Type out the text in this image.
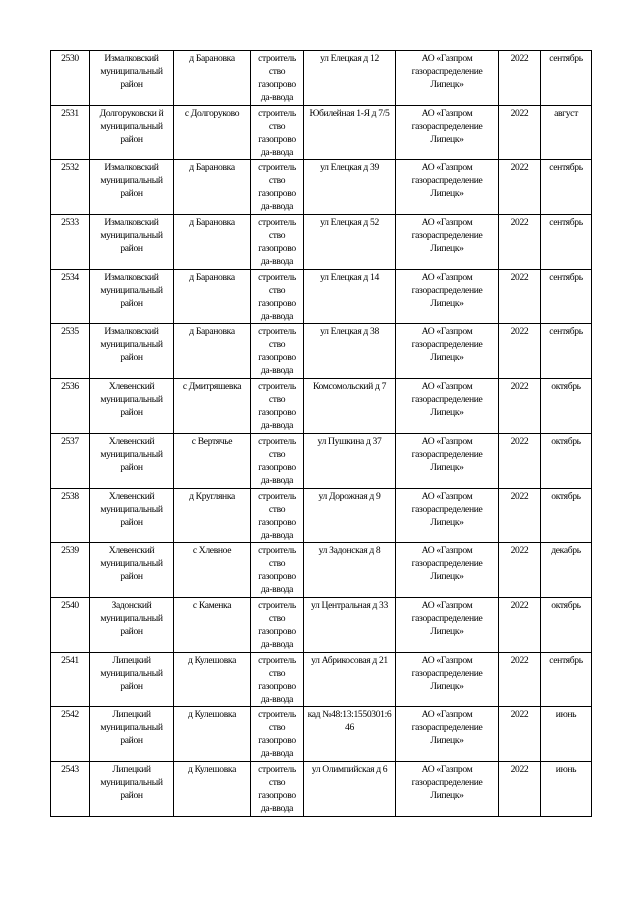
2530	Измалковский муниципальный район	д Барановка	строитель ство газопрово да-ввода	ул Елецкая д 12	АО «Газпром газораспределение Липецк»	2022	сентябрь
2531	Долгоруковски й муниципальный район	с Долгоруково	строитель ство газопрово да-ввода	Юбилейная 1-Я д 7/5	АО «Газпром газораспределение Липецк»	2022	август
2532	Измалковский муниципальный район	д Барановка	строитель ство газопрово да-ввода	ул Елецкая д 39	АО «Газпром газораспределение Липецк»	2022	сентябрь
2533	Измалковский муниципальный район	д Барановка	строитель ство газопрово да-ввода	ул Елецкая д 52	АО «Газпром газораспределение Липецк»	2022	сентябрь
2534	Измалковский муниципальный район	д Барановка	строитель ство газопрово да-ввода	ул Елецкая д 14	АО «Газпром газораспределение Липецк»	2022	сентябрь
2535	Измалковский муниципальный район	д Барановка	строитель ство газопрово да-ввода	ул Елецкая д 38	АО «Газпром газораспределение Липецк»	2022	сентябрь
2536	Хлевенский муниципальный район	с Дмитряшевка	строитель ство газопрово да-ввода	Комсомольский д 7	АО «Газпром газораспределение Липецк»	2022	октябрь
2537	Хлевенский муниципальный район	с Вертячье	строитель ство газопрово да-ввода	ул Пушкина д 37	АО «Газпром газораспределение Липецк»	2022	октябрь
2538	Хлевенский муниципальный район	д Круглянка	строитель ство газопрово да-ввода	ул Дорожная д 9	АО «Газпром газораспределение Липецк»	2022	октябрь
2539	Хлевенский муниципальный район	с Хлевное	строитель ство газопрово да-ввода	ул Задонская д 8	АО «Газпром газораспределение Липецк»	2022	декабрь
2540	Задонский муниципальный район	с Каменка	строитель ство газопрово да-ввода	ул Центральная д 33	АО «Газпром газораспределение Липецк»	2022	октябрь
2541	Липецкий муниципальный район	д Кулешовка	строитель ство газопрово да-ввода	ул Абрикосовая д 21	АО «Газпром газораспределение Липецк»	2022	сентябрь
2542	Липецкий муниципальный район	д Кулешовка	строитель ство газопрово да-ввода	кад №48:13:1550301:6 46	АО «Газпром газораспределение Липецк»	2022	июнь
2543	Липецкий муниципальный район	д Кулешовка	строитель ство газопрово да-ввода	ул Олимпийская д 6	АО «Газпром газораспределение Липецк»	2022	июнь
